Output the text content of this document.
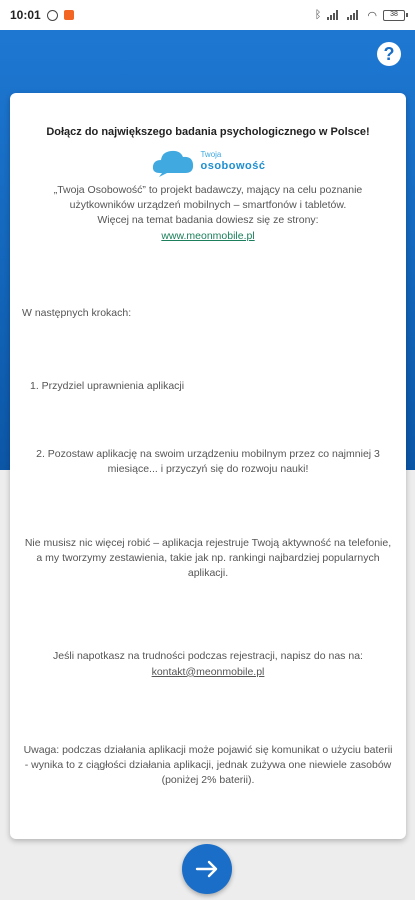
10:01	ᛒ	◠	38
?
Dołącz do największego badania psychologicznego w Polsce!
Twoja
osobowość
„Twoja Osobowość” to projekt badawczy, mający na celu poznanie użytkowników urządzeń mobilnych – smartfonów i tabletów.
Więcej na temat badania dowiesz się ze strony:
www.meonmobile.pl
W następnych krokach:
1. Przydziel uprawnienia aplikacji
2. Pozostaw aplikację na swoim urządzeniu mobilnym przez co najmniej 3 miesiące... i przyczyń się do rozwoju nauki!
Nie musisz nic więcej robić – aplikacja rejestruje Twoją aktywność na telefonie, a my tworzymy zestawienia, takie jak np. rankingi najbardziej popularnych aplikacji.
Jeśli napotkasz na trudności podczas rejestracji, napisz do nas na: kontakt@meonmobile.pl
Uwaga: podczas działania aplikacji może pojawić się komunikat o użyciu baterii - wynika to z ciągłości działania aplikacji, jednak zużywa one niewiele zasobów (poniżej 2% baterii).
